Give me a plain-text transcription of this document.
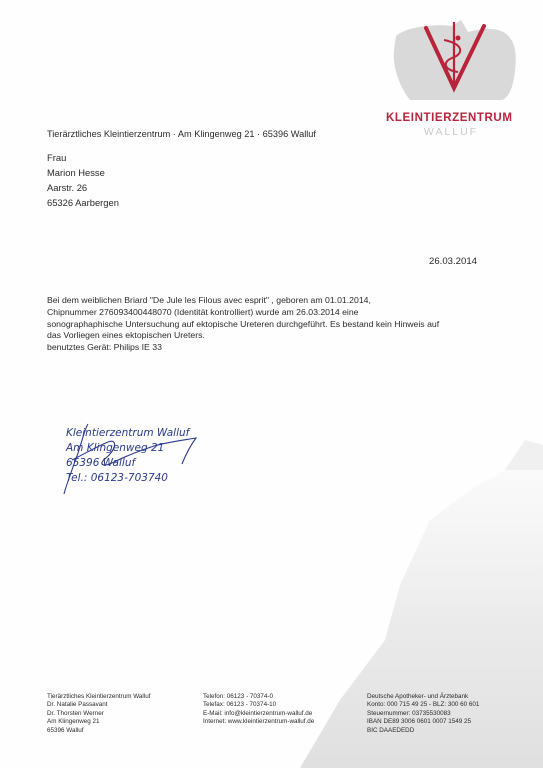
KLEINTIERZENTRUM
WALLUF
Tierärztliches Kleintierzentrum · Am Klingenweg 21 · 65396 Walluf
Frau
Marion Hesse
Aarstr. 26
65326 Aarbergen
26.03.2014
Bei dem weiblichen Briard "De Jule les Filous avec esprit" , geboren am 01.01.2014,
Chipnummer 276093400448070 (Identität kontrolliert) wurde am 26.03.2014 eine
sonographaphische Untersuchung auf ektopische Ureteren durchgeführt. Es bestand kein Hinweis auf
das Vorliegen eines ektopischen Ureters.
benutztes Gerät: Philips IE 33
Kleintierzentrum Walluf
Am Klingenweg 21
65396 Walluf
Tel.: 06123-703740
Tierärztliches Kleintierzentrum Walluf
Dr. Natalie Passavant
Dr. Thorsten Werner
Am Klingenweg 21
65396 Walluf
Telefon: 06123 - 70374-0
Telefax: 06123 - 70374-10
E-Mail: info@kleintierzentrum-walluf.de
Internet: www.kleintierzentrum-walluf.de
Deutsche Apotheker- und Ärztebank
Konto: 000 715 49 25 - BLZ: 300 60 601
Steuernummer: 03735530083
IBAN DE89 3006 0601 0007 1549 25
BIC DAAEDEDD
